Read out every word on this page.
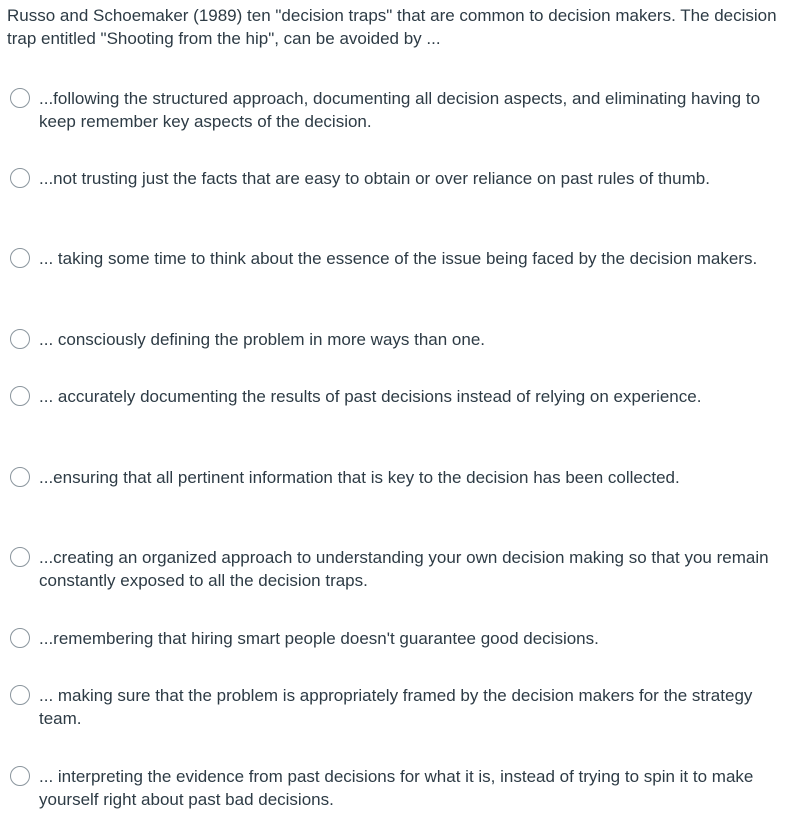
Russo and Schoemaker (1989) ten "decision traps" that are common to decision makers. The decision trap entitled "Shooting from the hip", can be avoided by ...
...following the structured approach, documenting all decision aspects, and eliminating having to keep remember key aspects of the decision.
...not trusting just the facts that are easy to obtain or over reliance on past rules of thumb.
... taking some time to think about the essence of the issue being faced by the decision makers.
... consciously defining the problem in more ways than one.
... accurately documenting the results of past decisions instead of relying on experience.
...ensuring that all pertinent information that is key to the decision has been collected.
...creating an organized approach to understanding your own decision making so that you remain constantly exposed to all the decision traps.
...remembering that hiring smart people doesn't guarantee good decisions.
... making sure that the problem is appropriately framed by the decision makers for the strategy team.
... interpreting the evidence from past decisions for what it is, instead of trying to spin it to make yourself right about past bad decisions.
